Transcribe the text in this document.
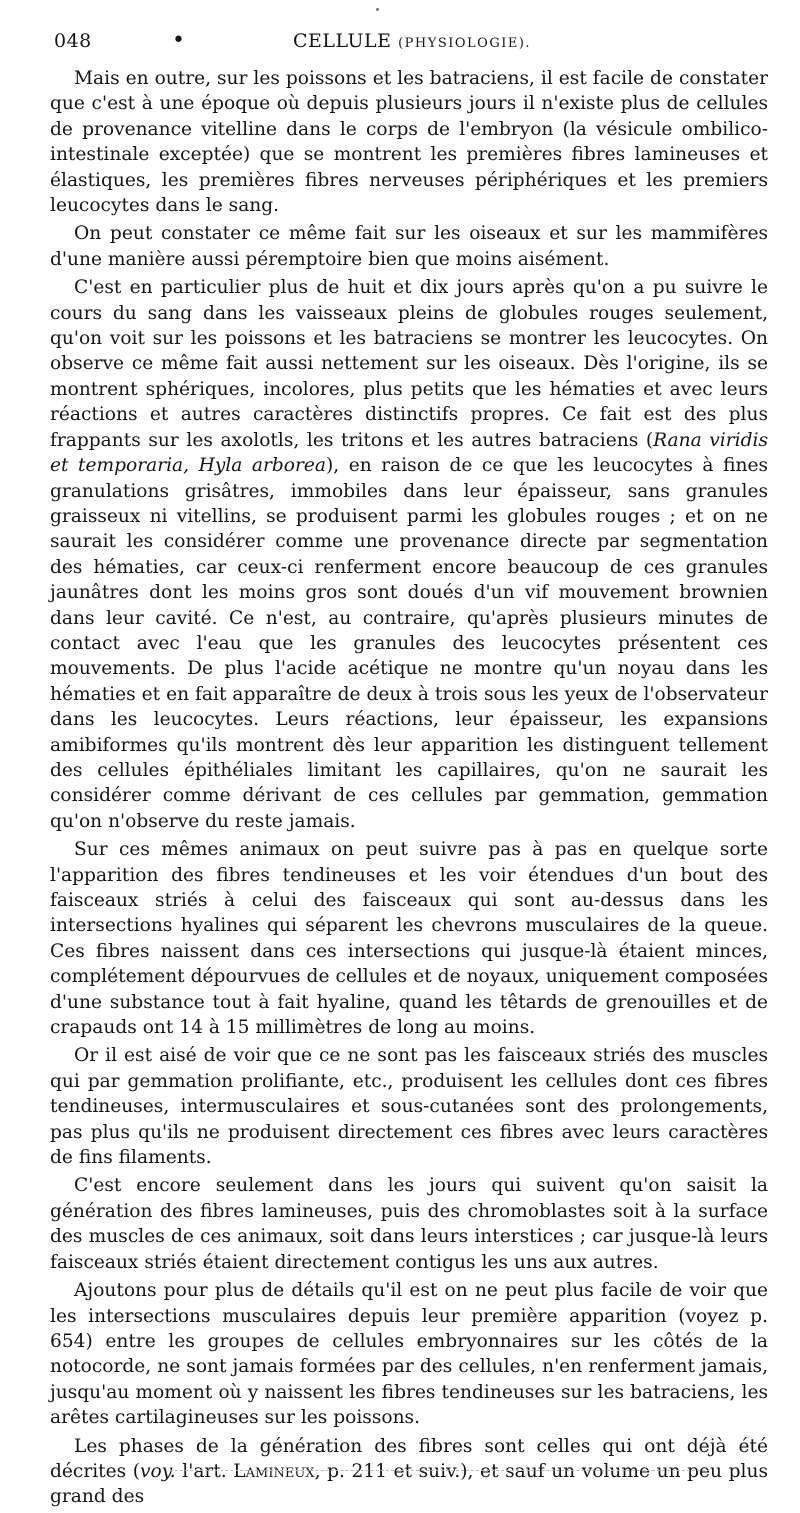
048	•	CELLULE (PHYSIOLOGIE).

Mais en outre, sur les poissons et les batraciens, il est facile de constater que c'est à une époque où depuis plusieurs jours il n'existe plus de cellules de provenance vitelline dans le corps de l'embryon (la vésicule ombilico-intestinale exceptée) que se montrent les premières fibres lamineuses et élastiques, les premières fibres nerveuses périphériques et les premiers leucocytes dans le sang.

On peut constater ce même fait sur les oiseaux et sur les mammifères d'une manière aussi péremptoire bien que moins aisément.

C'est en particulier plus de huit et dix jours après qu'on a pu suivre le cours du sang dans les vaisseaux pleins de globules rouges seulement, qu'on voit sur les poissons et les batraciens se montrer les leucocytes. On observe ce même fait aussi nettement sur les oiseaux. Dès l'origine, ils se montrent sphériques, incolores, plus petits que les hématies et avec leurs réactions et autres caractères distinctifs propres. Ce fait est des plus frappants sur les axolotls, les tritons et les autres batraciens (Rana viridis et temporaria, Hyla arborea), en raison de ce que les leucocytes à fines granulations grisâtres, immobiles dans leur épaisseur, sans granules graisseux ni vitellins, se produisent parmi les globules rouges ; et on ne saurait les considérer comme une provenance directe par segmentation des hématies, car ceux-ci renferment encore beaucoup de ces granules jaunâtres dont les moins gros sont doués d'un vif mouvement brownien dans leur cavité. Ce n'est, au contraire, qu'après plusieurs minutes de contact avec l'eau que les granules des leucocytes présentent ces mouvements. De plus l'acide acétique ne montre qu'un noyau dans les hématies et en fait apparaître de deux à trois sous les yeux de l'observateur dans les leucocytes. Leurs réactions, leur épaisseur, les expansions amibiformes qu'ils montrent dès leur apparition les distinguent tellement des cellules épithéliales limitant les capillaires, qu'on ne saurait les considérer comme dérivant de ces cellules par gemmation, gemmation qu'on n'observe du reste jamais.

Sur ces mêmes animaux on peut suivre pas à pas en quelque sorte l'apparition des fibres tendineuses et les voir étendues d'un bout des faisceaux striés à celui des faisceaux qui sont au-dessus dans les intersections hyalines qui séparent les chevrons musculaires de la queue. Ces fibres naissent dans ces intersections qui jusque-là étaient minces, complétement dépourvues de cellules et de noyaux, uniquement composées d'une substance tout à fait hyaline, quand les têtards de grenouilles et de crapauds ont 14 à 15 millimètres de long au moins.

Or il est aisé de voir que ce ne sont pas les faisceaux striés des muscles qui par gemmation prolifiante, etc., produisent les cellules dont ces fibres tendineuses, intermusculaires et sous-cutanées sont des prolongements, pas plus qu'ils ne produisent directement ces fibres avec leurs caractères de fins filaments.

C'est encore seulement dans les jours qui suivent qu'on saisit la génération des fibres lamineuses, puis des chromoblastes soit à la surface des muscles de ces animaux, soit dans leurs interstices ; car jusque-là leurs faisceaux striés étaient directement contigus les uns aux autres.

Ajoutons pour plus de détails qu'il est on ne peut plus facile de voir que les intersections musculaires depuis leur première apparition (voyez p. 654) entre les groupes de cellules embryonnaires sur les côtés de la notocorde, ne sont jamais formées par des cellules, n'en renferment jamais, jusqu'au moment où y naissent les fibres tendineuses sur les batraciens, les arêtes cartilagineuses sur les poissons.

Les phases de la génération des fibres sont celles qui ont déjà été décrites (voy. l'art. Lamineux, p. 211 et suiv.), et sauf un volume un peu plus grand des
